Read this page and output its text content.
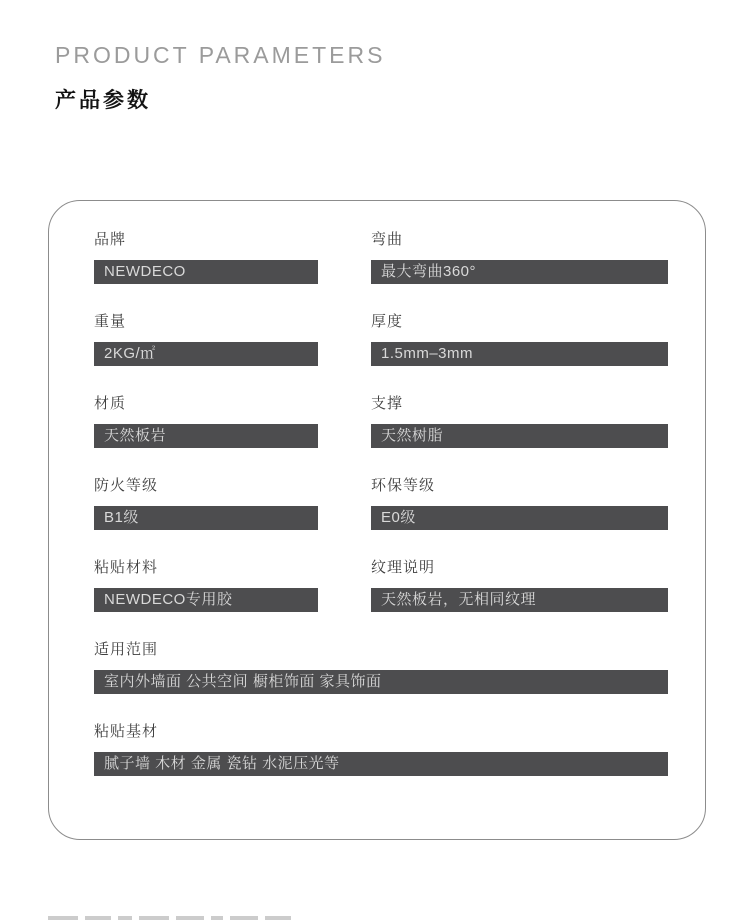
PRODUCT PARAMETERS
产品参数
品牌
NEWDECO
弯曲
最大弯曲360°
重量
2KG/㎡
厚度
1.5mm–3mm
材质
天然板岩
支撑
天然树脂
防火等级
B1级
环保等级
E0级
粘贴材料
NEWDECO专用胶
纹理说明
天然板岩，无相同纹理
适用范围
室内外墙面 公共空间 橱柜饰面 家具饰面
粘贴基材
腻子墙 木材 金属 瓷钻 水泥压光等
